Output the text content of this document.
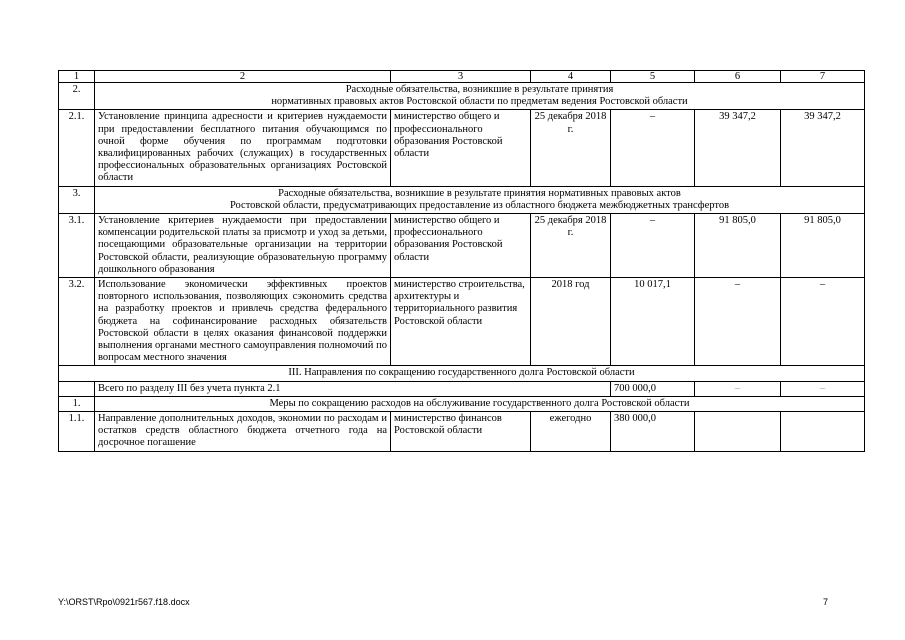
1	2	3	4	5	6	7
2.	Расходные обязательства, возникшие в результате принятия
нормативных правовых актов Ростовской области по предметам ведения Ростовской области					

2.1.	Установление принципа адресности и критериев нуждаемости при предоставлении бесплатного питания обучающимся по очной форме обучения по программам подготовки квалифицированных рабочих (служащих) в государственных профессиональных образовательных организациях Ростовской области	министерство общего и профессионального образования Ростовской области	25 декабря 2018 г.	–	39 347,2	39 347,2
3.	Расходные обязательства, возникшие в результате принятия нормативных правовых актов
Ростовской области, предусматривающих предоставление из областного бюджета межбюджетных трансфертов					

3.1.	Установление критериев нуждаемости при предоставлении компенсации родительской платы за присмотр и уход за детьми, посещающими образовательные организации на территории Ростовской области, реализующие образовательную программу дошкольного образования	министерство общего и профессионального образования Ростовской области	25 декабря 2018 г.	–	91 805,0	91 805,0
3.2.	Использование экономически эффективных проектов повторного использования, позволяющих сэкономить средства на разработку проектов и привлечь средства федерального бюджета на софинансирование расходных обязательств Ростовской области в целях оказания финансовой поддержки выполнения органами местного самоуправления полномочий по вопросам местного значения	министерство строительства, архитектуры и территориального развития Ростовской области	2018 год	10 017,1	–	–
III. Направления по сокращению государственного долга Ростовской области						
	Всего по разделу III без учета пункта 2.1			700 000,0	–	–
1.	Меры по сокращению расходов на обслуживание государственного долга Ростовской области					
1.1.	Направление дополнительных доходов, экономии по расходам и остатков средств областного бюджета отчетного года на досрочное погашение	министерство финансов Ростовской области	ежегодно	380 000,0		
Y:\ORST\Rpo\0921r567.f18.docx	7
